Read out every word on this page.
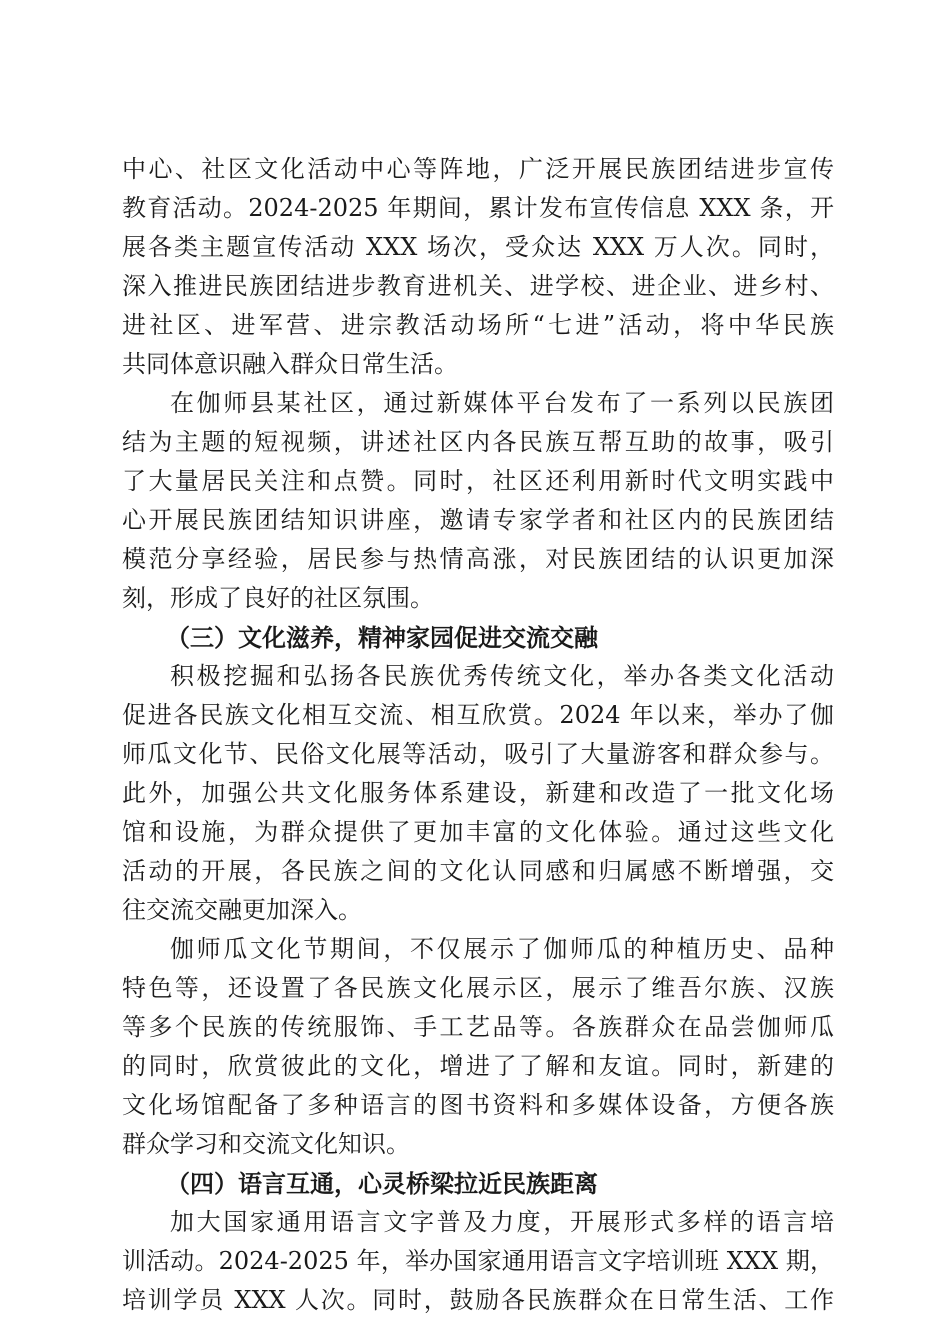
中心、社区文化活动中心等阵地，广泛开展民族团结进步宣传
教育活动。2024-2025 年期间，累计发布宣传信息 XXX 条，开
展各类主题宣传活动 XXX 场次，受众达 XXX 万人次。同时，
深入推进民族团结进步教育进机关、进学校、进企业、进乡村、
进社区、进军营、进宗教活动场所“七进”活动，将中华民族
共同体意识融入群众日常生活。
在伽师县某社区，通过新媒体平台发布了一系列以民族团
结为主题的短视频，讲述社区内各民族互帮互助的故事，吸引
了大量居民关注和点赞。同时，社区还利用新时代文明实践中
心开展民族团结知识讲座，邀请专家学者和社区内的民族团结
模范分享经验，居民参与热情高涨，对民族团结的认识更加深
刻，形成了良好的社区氛围。
（三）文化滋养，精神家园促进交流交融
积极挖掘和弘扬各民族优秀传统文化，举办各类文化活动
促进各民族文化相互交流、相互欣赏。2024 年以来，举办了伽
师瓜文化节、民俗文化展等活动，吸引了大量游客和群众参与。
此外，加强公共文化服务体系建设，新建和改造了一批文化场
馆和设施，为群众提供了更加丰富的文化体验。通过这些文化
活动的开展，各民族之间的文化认同感和归属感不断增强，交
往交流交融更加深入。
伽师瓜文化节期间，不仅展示了伽师瓜的种植历史、品种
特色等，还设置了各民族文化展示区，展示了维吾尔族、汉族
等多个民族的传统服饰、手工艺品等。各族群众在品尝伽师瓜
的同时，欣赏彼此的文化，增进了了解和友谊。同时，新建的
文化场馆配备了多种语言的图书资料和多媒体设备，方便各族
群众学习和交流文化知识。
（四）语言互通，心灵桥梁拉近民族距离
加大国家通用语言文字普及力度，开展形式多样的语言培
训活动。2024-2025 年，举办国家通用语言文字培训班 XXX 期，
培训学员 XXX 人次。同时，鼓励各民族群众在日常生活、工作
